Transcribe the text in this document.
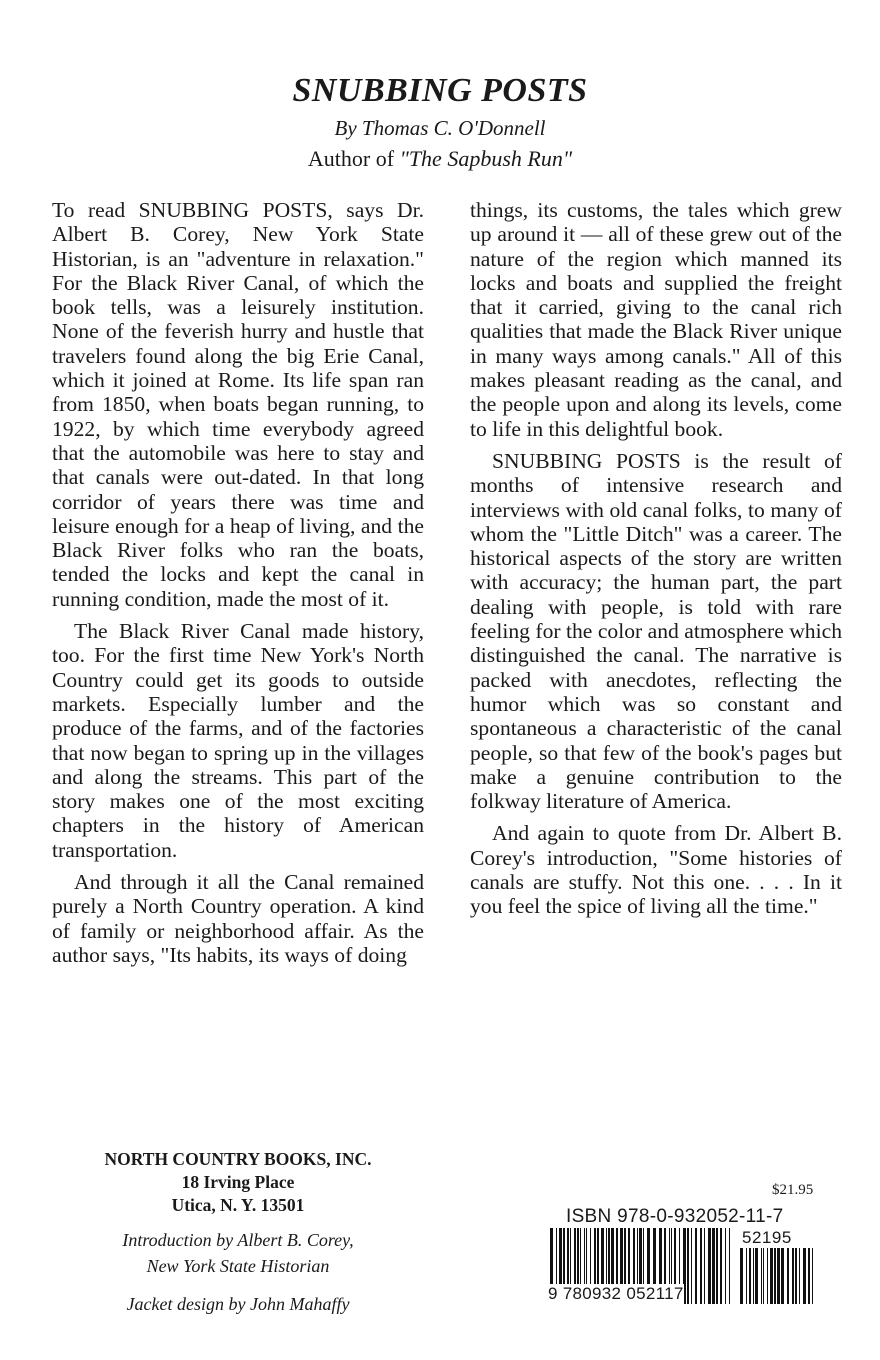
SNUBBING POSTS
By Thomas C. O'Donnell
Author of "The Sapbush Run"

To read SNUBBING POSTS, says Dr. Albert B. Corey, New York State Historian, is an "adventure in relaxation." For the Black River Canal, of which the book tells, was a leisurely institution. None of the feverish hurry and hustle that travelers found along the big Erie Canal, which it joined at Rome. Its life span ran from 1850, when boats began running, to 1922, by which time everybody agreed that the automobile was here to stay and that canals were out-dated. In that long corridor of years there was time and leisure enough for a heap of living, and the Black River folks who ran the boats, tended the locks and kept the canal in running condition, made the most of it.

The Black River Canal made history, too. For the first time New York's North Country could get its goods to outside markets. Especially lumber and the produce of the farms, and of the factories that now began to spring up in the villages and along the streams. This part of the story makes one of the most exciting chapters in the history of American transportation.

And through it all the Canal remained purely a North Country operation. A kind of family or neighborhood affair. As the author says, "Its habits, its ways of doing

things, its customs, the tales which grew up around it — all of these grew out of the nature of the region which manned its locks and boats and supplied the freight that it carried, giving to the canal rich qualities that made the Black River unique in many ways among canals." All of this makes pleasant reading as the canal, and the people upon and along its levels, come to life in this delightful book.

SNUBBING POSTS is the result of months of intensive research and interviews with old canal folks, to many of whom the "Little Ditch" was a career. The historical aspects of the story are written with accuracy; the human part, the part dealing with people, is told with rare feeling for the color and atmosphere which distinguished the canal. The narrative is packed with anecdotes, reflecting the humor which was so constant and spontaneous a characteristic of the canal people, so that few of the book's pages but make a genuine contribution to the folkway literature of America.

And again to quote from Dr. Albert B. Corey's introduction, "Some histories of canals are stuffy. Not this one. . . . In it you feel the spice of living all the time."

NORTH COUNTRY BOOKS, INC.
18 Irving Place
Utica, N. Y. 13501
Introduction by Albert B. Corey,
New York State Historian
Jacket design by John Mahaffy
$21.95
ISBN 978-0-932052-11-7
9 780932 052117
52195
